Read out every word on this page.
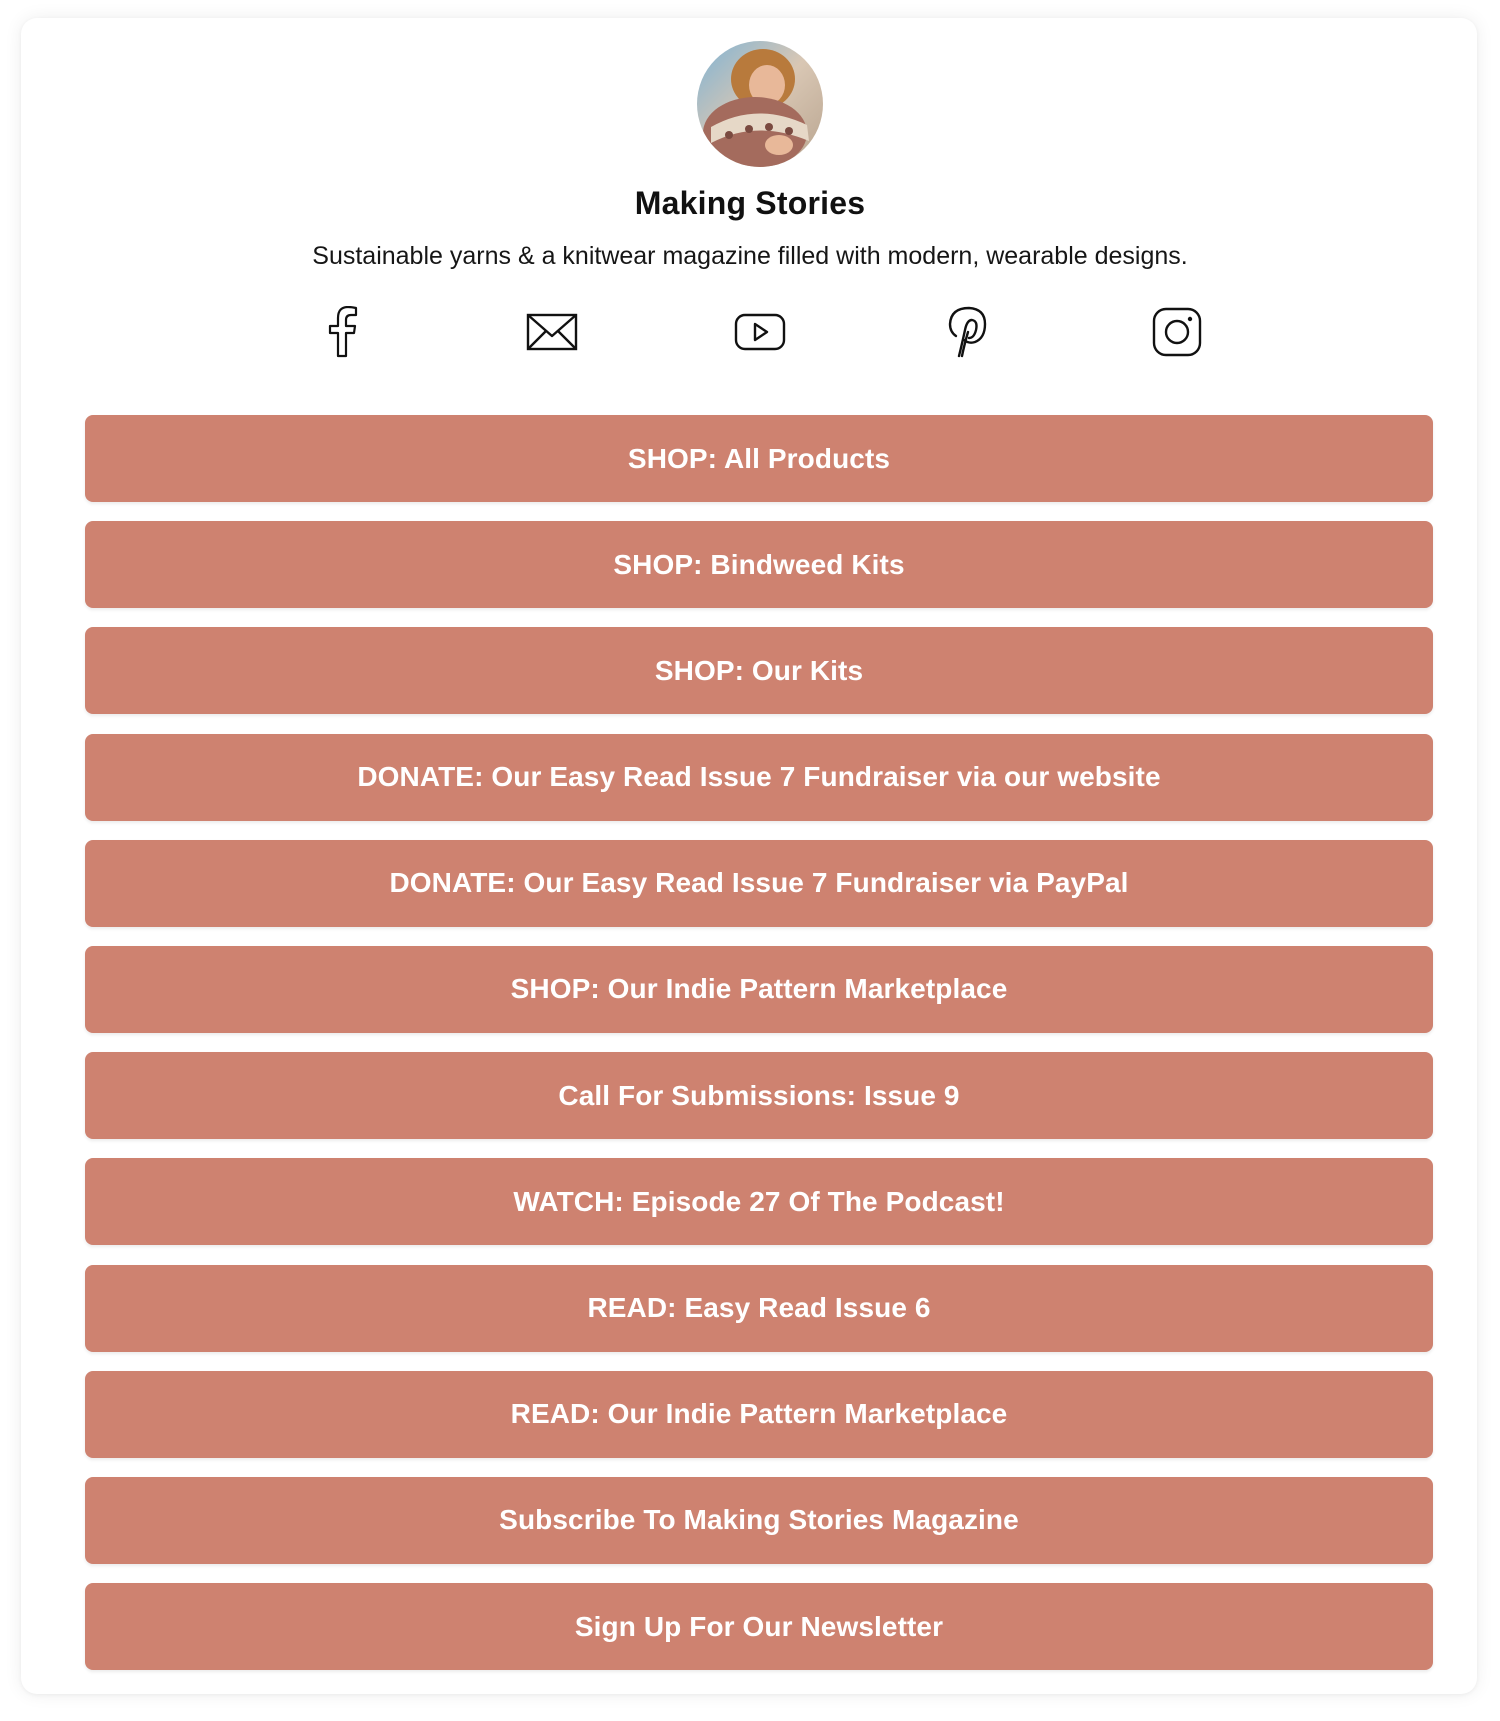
Making Stories
Sustainable yarns & a knitwear magazine filled with modern, wearable designs.
SHOP: All Products
SHOP: Bindweed Kits
SHOP: Our Kits
DONATE: Our Easy Read Issue 7 Fundraiser via our website
DONATE: Our Easy Read Issue 7 Fundraiser via PayPal
SHOP: Our Indie Pattern Marketplace
Call For Submissions: Issue 9
WATCH: Episode 27 Of The Podcast!
READ: Easy Read Issue 6
READ: Our Indie Pattern Marketplace
Subscribe To Making Stories Magazine
Sign Up For Our Newsletter
